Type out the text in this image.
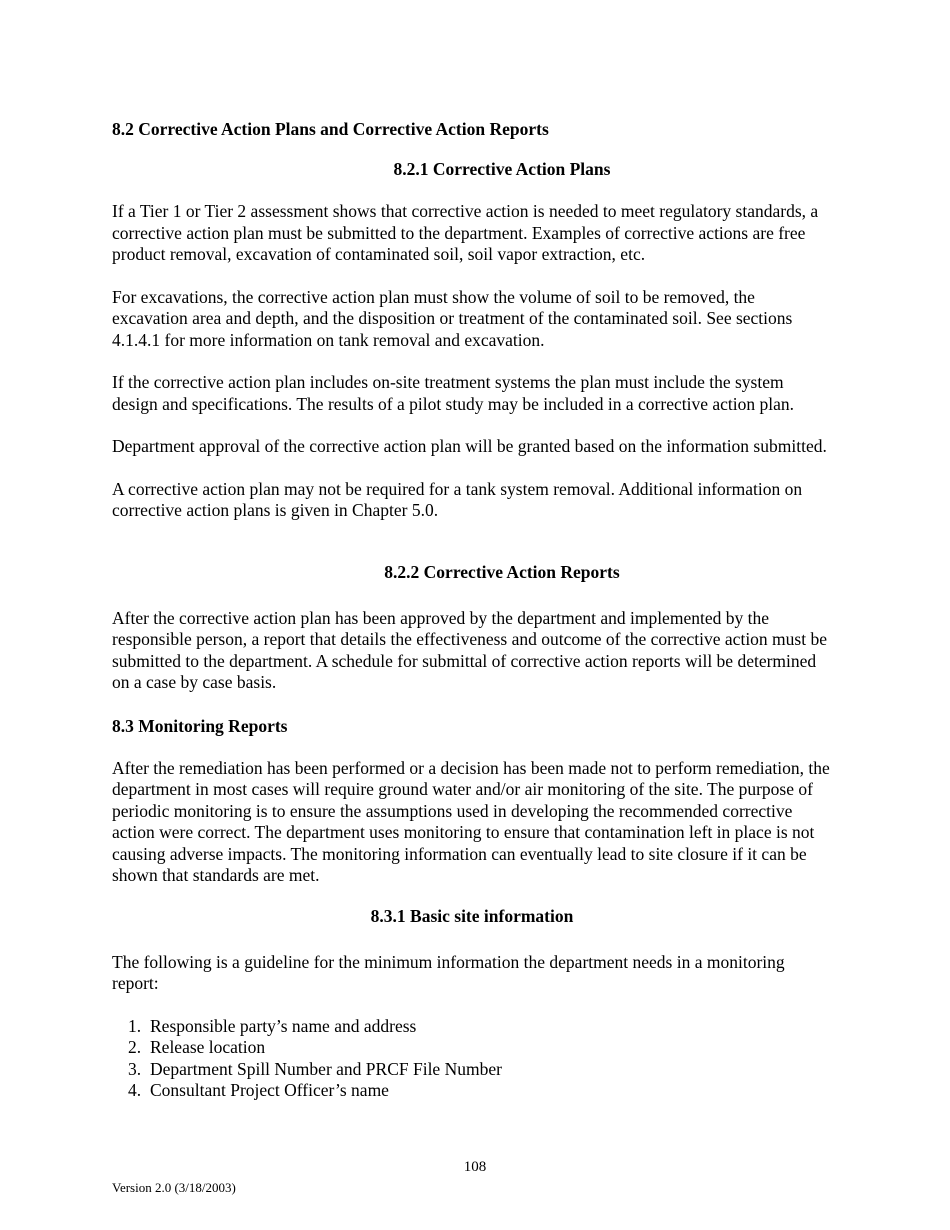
8.2 Corrective Action Plans and Corrective Action Reports
8.2.1 Corrective Action Plans
If a Tier 1 or Tier 2 assessment shows that corrective action is needed to meet regulatory standards, a corrective action plan must be submitted to the department. Examples of corrective actions are free product removal, excavation of contaminated soil, soil vapor extraction, etc.
For excavations, the corrective action plan must show the volume of soil to be removed, the excavation area and depth, and the disposition or treatment of the contaminated soil. See sections 4.1.4.1 for more information on tank removal and excavation.
If the corrective action plan includes on-site treatment systems the plan must include the system design and specifications. The results of a pilot study may be included in a corrective action plan.
Department approval of the corrective action plan will be granted based on the information submitted.
A corrective action plan may not be required for a tank system removal. Additional information on corrective action plans is given in Chapter 5.0.
8.2.2 Corrective Action Reports
After the corrective action plan has been approved by the department and implemented by the responsible person, a report that details the effectiveness and outcome of the corrective action must be submitted to the department. A schedule for submittal of corrective action reports will be determined on a case by case basis.
8.3 Monitoring Reports
After the remediation has been performed or a decision has been made not to perform remediation, the department in most cases will require ground water and/or air monitoring of the site. The purpose of periodic monitoring is to ensure the assumptions used in developing the recommended corrective action were correct. The department uses monitoring to ensure that contamination left in place is not causing adverse impacts. The monitoring information can eventually lead to site closure if it can be shown that standards are met.
8.3.1 Basic site information
The following is a guideline for the minimum information the department needs in a monitoring report:
1. Responsible party’s name and address
2. Release location
3. Department Spill Number and PRCF File Number
4. Consultant Project Officer’s name
108
Version 2.0 (3/18/2003)
